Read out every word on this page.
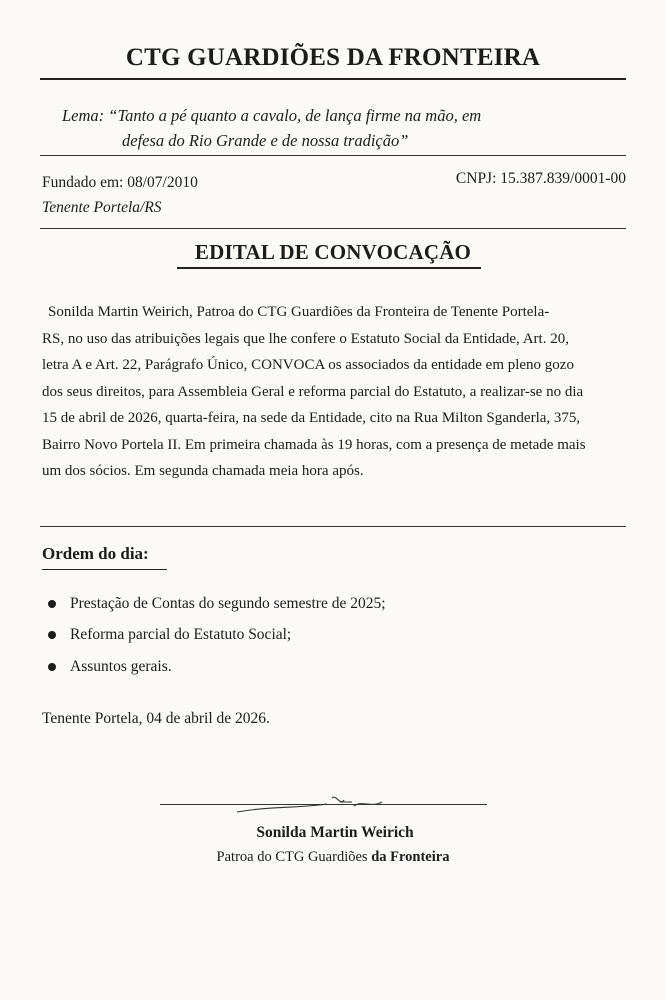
CTG GUARDIÕES DA FRONTEIRA
Lema: “Tanto a pé quanto a cavalo, de lança firme na mão, em
defesa do Rio Grande e de nossa tradição”
Fundado em: 08/07/2010
Tenente Portela/RS
CNPJ: 15.387.839/0001-00
EDITAL DE CONVOCAÇÃO
Sonilda Martin Weirich, Patroa do CTG Guardiões da Fronteira de Tenente Portela-
RS, no uso das atribuições legais que lhe confere o Estatuto Social da Entidade, Art. 20,
letra A e Art. 22, Parágrafo Único, CONVOCA os associados da entidade em pleno gozo
dos seus direitos, para Assembleia Geral e reforma parcial do Estatuto, a realizar-se no dia
15 de abril de 2026, quarta-feira, na sede da Entidade, cito na Rua Milton Sganderla, 375,
Bairro Novo Portela II. Em primeira chamada às 19 horas, com a presença de metade mais
um dos sócios. Em segunda chamada meia hora após.
Ordem do dia:
Prestação de Contas do segundo semestre de 2025;
Reforma parcial do Estatuto Social;
Assuntos gerais.
Tenente Portela, 04 de abril de 2026.
Sonilda Martin Weirich
Patroa do CTG Guardiões da Fronteira
